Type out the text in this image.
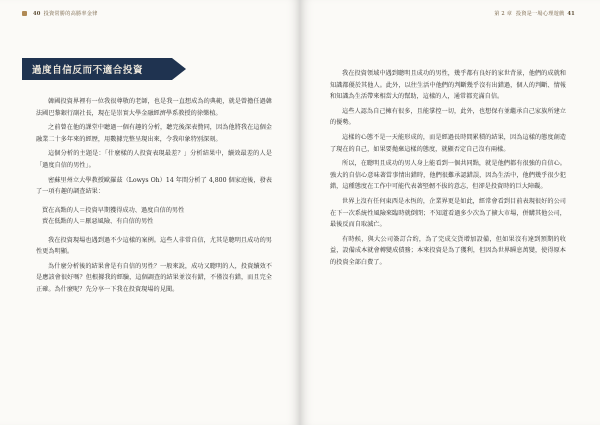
40 投資常勝的高勝率金律
過度自信反而不適合投資

韓國投資界裡有一位我很尊敬的老師，也是我一直想成為的典範，就是曾擔任過韓法國巴黎銀行副社長，現在是崇實大學金融經濟學系教授的徐樂植。

之前曾在他的課堂中聽過一個有趣的分析，聽完後深表贊同，因為他將我在這個金融業二十多年來的經歷，用數據完整呈現出來，令我印象特別深刻。

這個分析的主題是：「什麼樣的人投資表現最差？」分析結果中，續效最差的人是「過度自信的男性」。

密蘇里州立大學教授歐羅茲（Lowys Oh）14 年間分析了 4,800 個家庭後，發表了一項有趣的調查結果：

買在高點的人＝投資早期獲得成功、過度自信的男性
賣在低點的人＝厭惡風險、有自信的男性

我在投資現場也遇到過不少這樣的案例。這些人非常自信，尤其是聰明且成功的男性更為明顯。

為什麼分析後的結果會是有自信的男性？一般來說，成功又聰明的人，投資續效不是應該會很好嗎？但根據我的經驗，這個調查的結果並沒有錯，不僅沒有錯，而且完全正確。為什麼呢？先分享一下我在投資現場的見聞。

第 2 章 投資是一場心理遊戲 41

我在投資領域中遇到聰明且成功的男性，幾乎都有良好的家世背景，他們的成就和知識都優於其他人。此外，以往生活中他們的判斷幾乎沒有出錯過，個人的判斷、情報和知識為生活帶來相當大的幫助，這樣的人，通常都充滿自信。

這些人認為自己擁有很多，且能掌控一切，此外，也想保有並繼承自己家族所建立的優勢。

這樣的心態不是一天能形成的，而是經過長時間累積的結果，因為這樣的態度創造了現在的自己，如果要拋棄這樣的態度，就顯否定自己沒有兩樣。

所以，在聰明且成功的男人身上能看到一個共同點，就是他們都有很強的自信心。強大的自信心意味著當事情出錯時，他們很難承認錯誤，因為生活中，他們幾乎很少犯錯，這種態度在工作中可能代表著堅韌不拔的意志，但卻是投資時的巨大障礙。

世界上沒有任何東西是永恆的，企業界更是如此，經常會看到目前表現很好的公司在下一次系統性風險來臨時就倒閉；不知道看過多少次為了擴大市場，併購其他公司，最後反而自取滅亡。

有時候，與大公司簽訂合約，為了完成交貨增加設備，但如果沒有達到預期的收益，設備成本就會轉變成債務；本來投資是為了獲利，但因為世界瞬息萬變，使得原本的投資全部白費了。
